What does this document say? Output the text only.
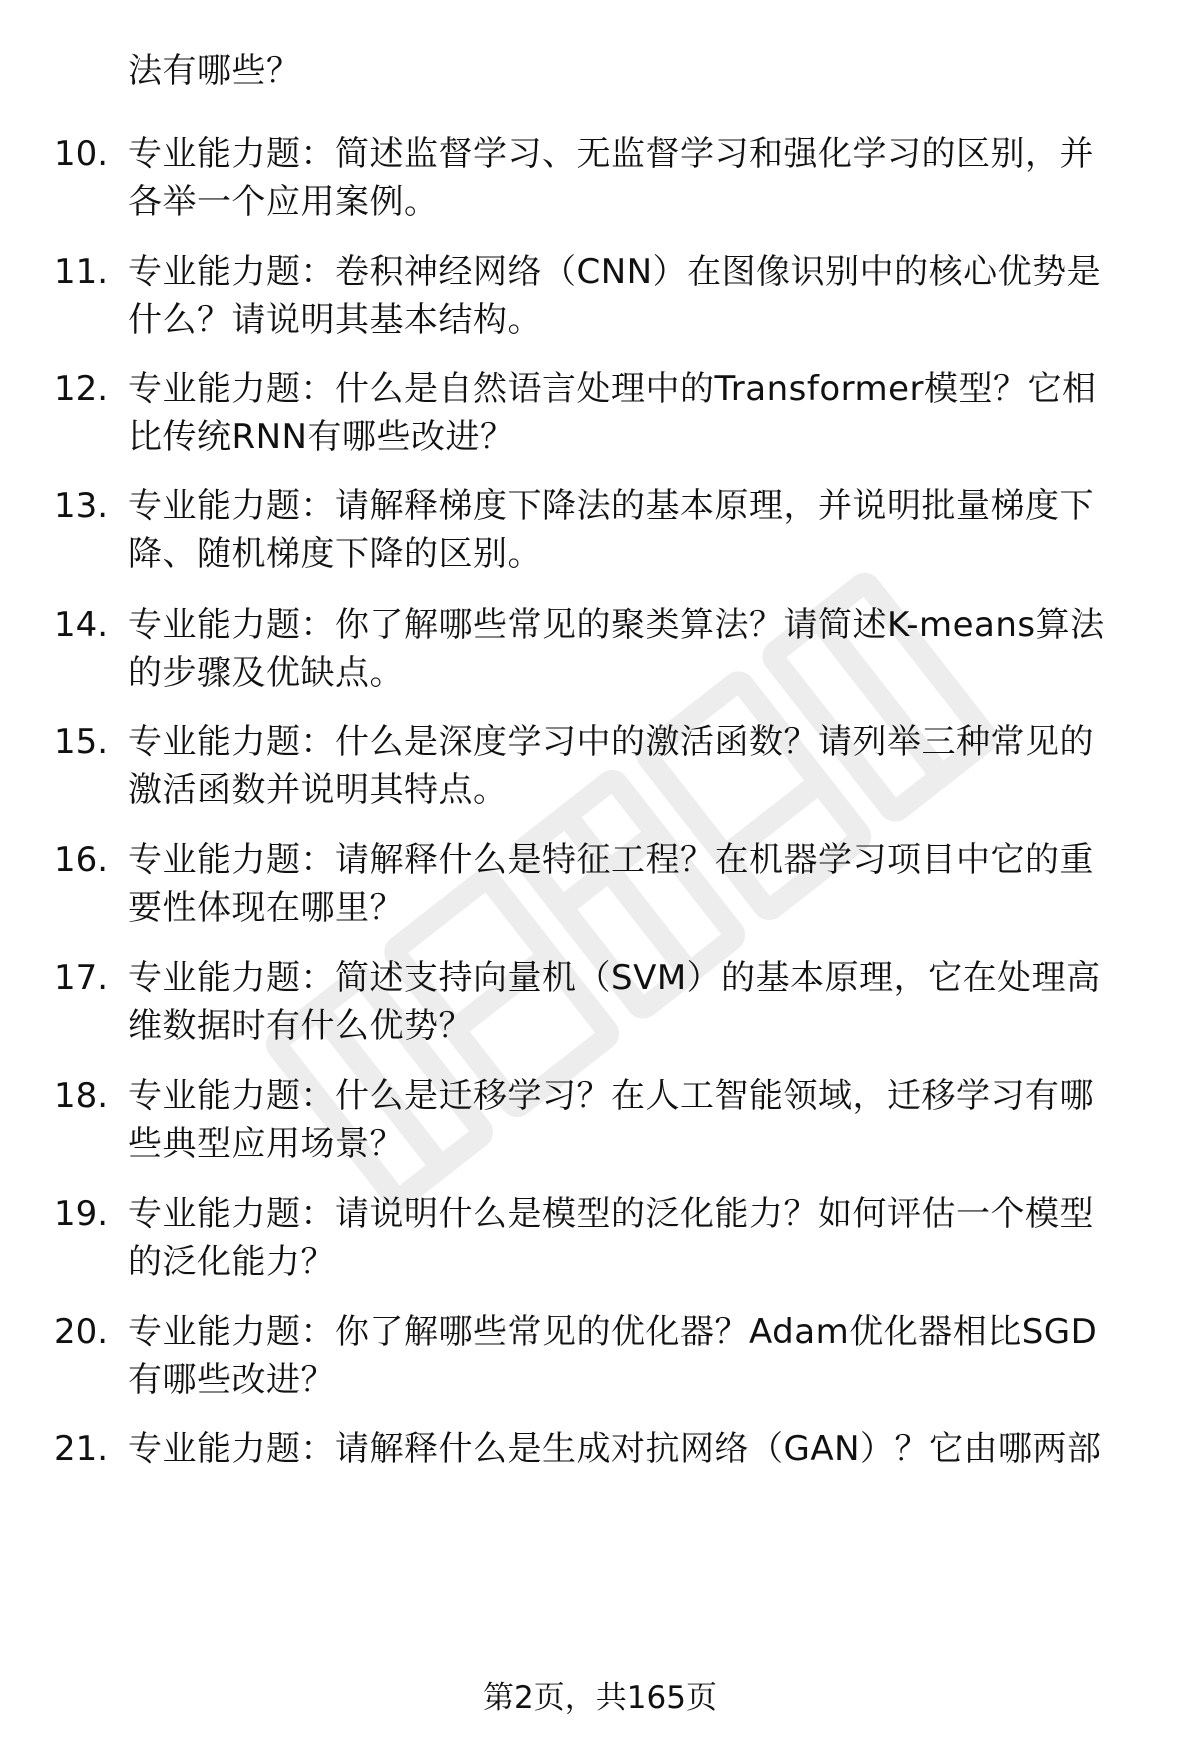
法有哪些？
10. 专业能力题：简述监督学习、无监督学习和强化学习的区别，并
各举一个应用案例。
11. 专业能力题：卷积神经网络（CNN）在图像识别中的核心优势是
什么？请说明其基本结构。
12. 专业能力题：什么是自然语言处理中的Transformer模型？它相
比传统RNN有哪些改进？
13. 专业能力题：请解释梯度下降法的基本原理，并说明批量梯度下
降、随机梯度下降的区别。
14. 专业能力题：你了解哪些常见的聚类算法？请简述K-means算法
的步骤及优缺点。
15. 专业能力题：什么是深度学习中的激活函数？请列举三种常见的
激活函数并说明其特点。
16. 专业能力题：请解释什么是特征工程？在机器学习项目中它的重
要性体现在哪里？
17. 专业能力题：简述支持向量机（SVM）的基本原理，它在处理高
维数据时有什么优势？
18. 专业能力题：什么是迁移学习？在人工智能领域，迁移学习有哪
些典型应用场景？
19. 专业能力题：请说明什么是模型的泛化能力？如何评估一个模型
的泛化能力？
20. 专业能力题：你了解哪些常见的优化器？Adam优化器相比SGD
有哪些改进？
21. 专业能力题：请解释什么是生成对抗网络（GAN）？它由哪两部
第2页，共165页
